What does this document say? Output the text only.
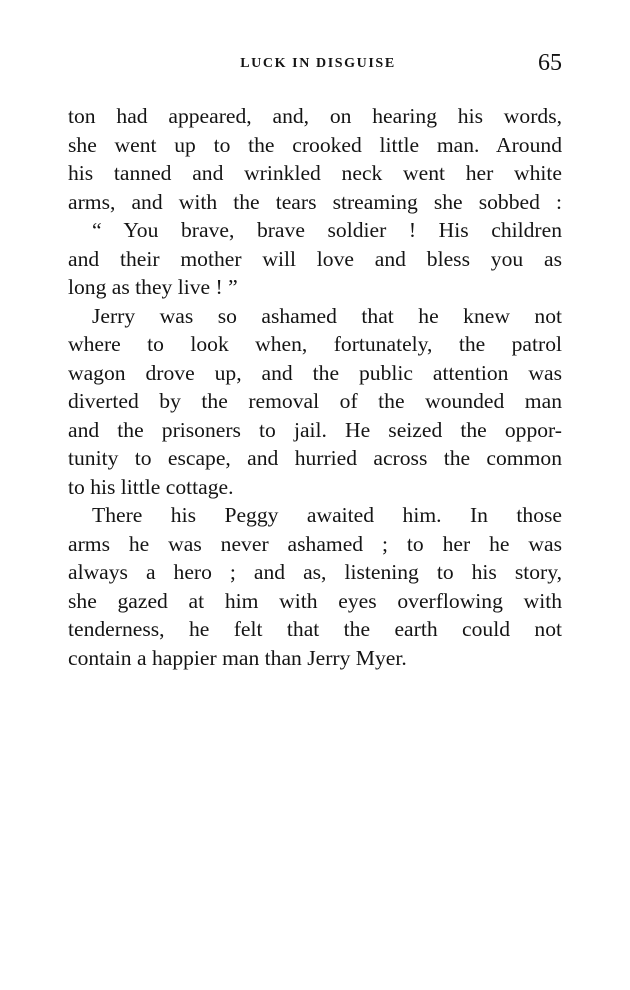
LUCK IN DISGUISE	65
ton had appeared, and, on hearing his words,
she went up to the crooked little man. Around
his tanned and wrinkled neck went her white
arms, and with the tears streaming she sobbed :
“ You brave, brave soldier ! His children
and their mother will love and bless you as
long as they live ! ”
Jerry was so ashamed that he knew not
where to look when, fortunately, the patrol
wagon drove up, and the public attention was
diverted by the removal of the wounded man
and the prisoners to jail. He seized the oppor-
tunity to escape, and hurried across the common
to his little cottage.
There his Peggy awaited him. In those
arms he was never ashamed ; to her he was
always a hero ; and as, listening to his story,
she gazed at him with eyes overflowing with
tenderness, he felt that the earth could not
contain a happier man than Jerry Myer.
